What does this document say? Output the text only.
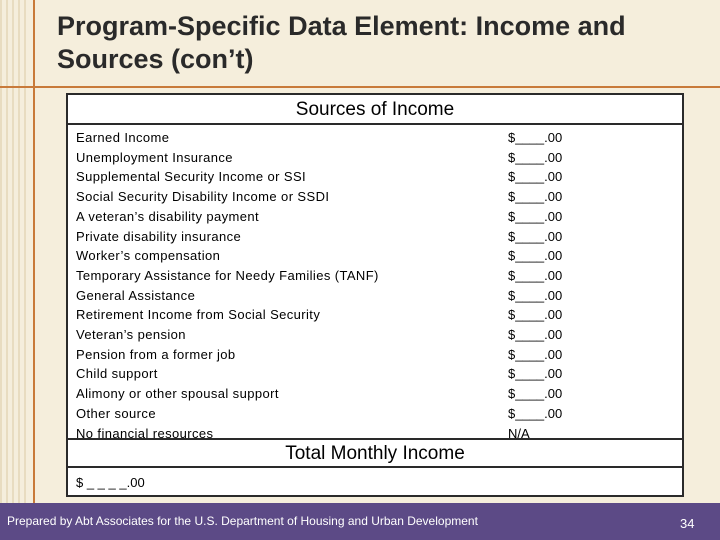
Program-Specific Data Element: Income and Sources (con’t)
Sources of Income
Earned Income
Unemployment Insurance
Supplemental Security Income or SSI
Social Security Disability Income or SSDI
A veteran’s disability payment
Private disability insurance
Worker’s compensation
Temporary Assistance for Needy Families (TANF)
General Assistance
Retirement Income from Social Security
Veteran’s pension
Pension from a former job
Child support
Alimony or other spousal support
Other source
No financial resources
$____.00
$____.00
$____.00
$____.00
$____.00
$____.00
$____.00
$____.00
$____.00
$____.00
$____.00
$____.00
$____.00
$____.00
$____.00
N/A
Total Monthly Income
$ _ _ _ _.00
Prepared by Abt Associates for the U.S. Department of Housing and Urban Development	34
